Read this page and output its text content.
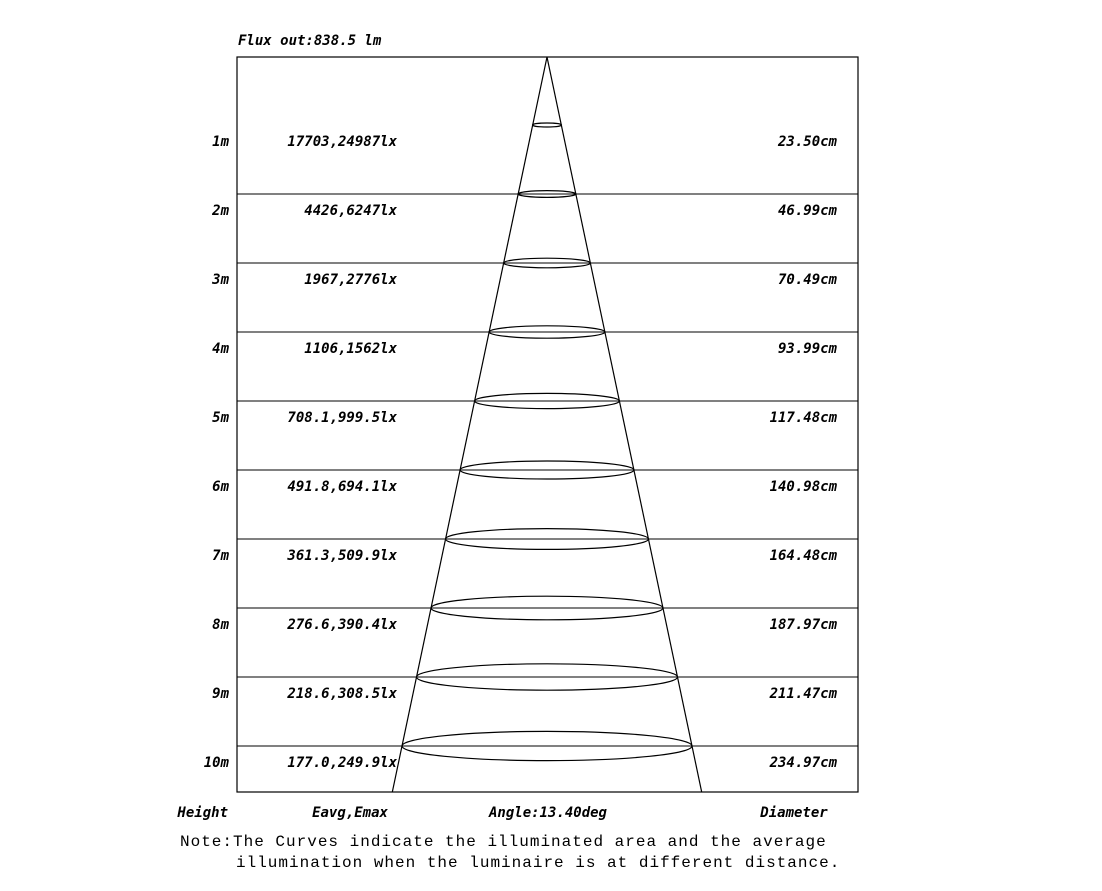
Flux out:838.5 lm
1m	17703,24987lx	23.50cm
2m	4426,6247lx	46.99cm
3m	1967,2776lx	70.49cm
4m	1106,1562lx	93.99cm
5m	708.1,999.5lx	117.48cm
6m	491.8,694.1lx	140.98cm
7m	361.3,509.9lx	164.48cm
8m	276.6,390.4lx	187.97cm
9m	218.6,308.5lx	211.47cm
10m	177.0,249.9lx	234.97cm
Height	Eavg,Emax	Angle:13.40deg	Diameter
Note:The Curves indicate the illuminated area and the average
illumination when the luminaire is at different distance.
